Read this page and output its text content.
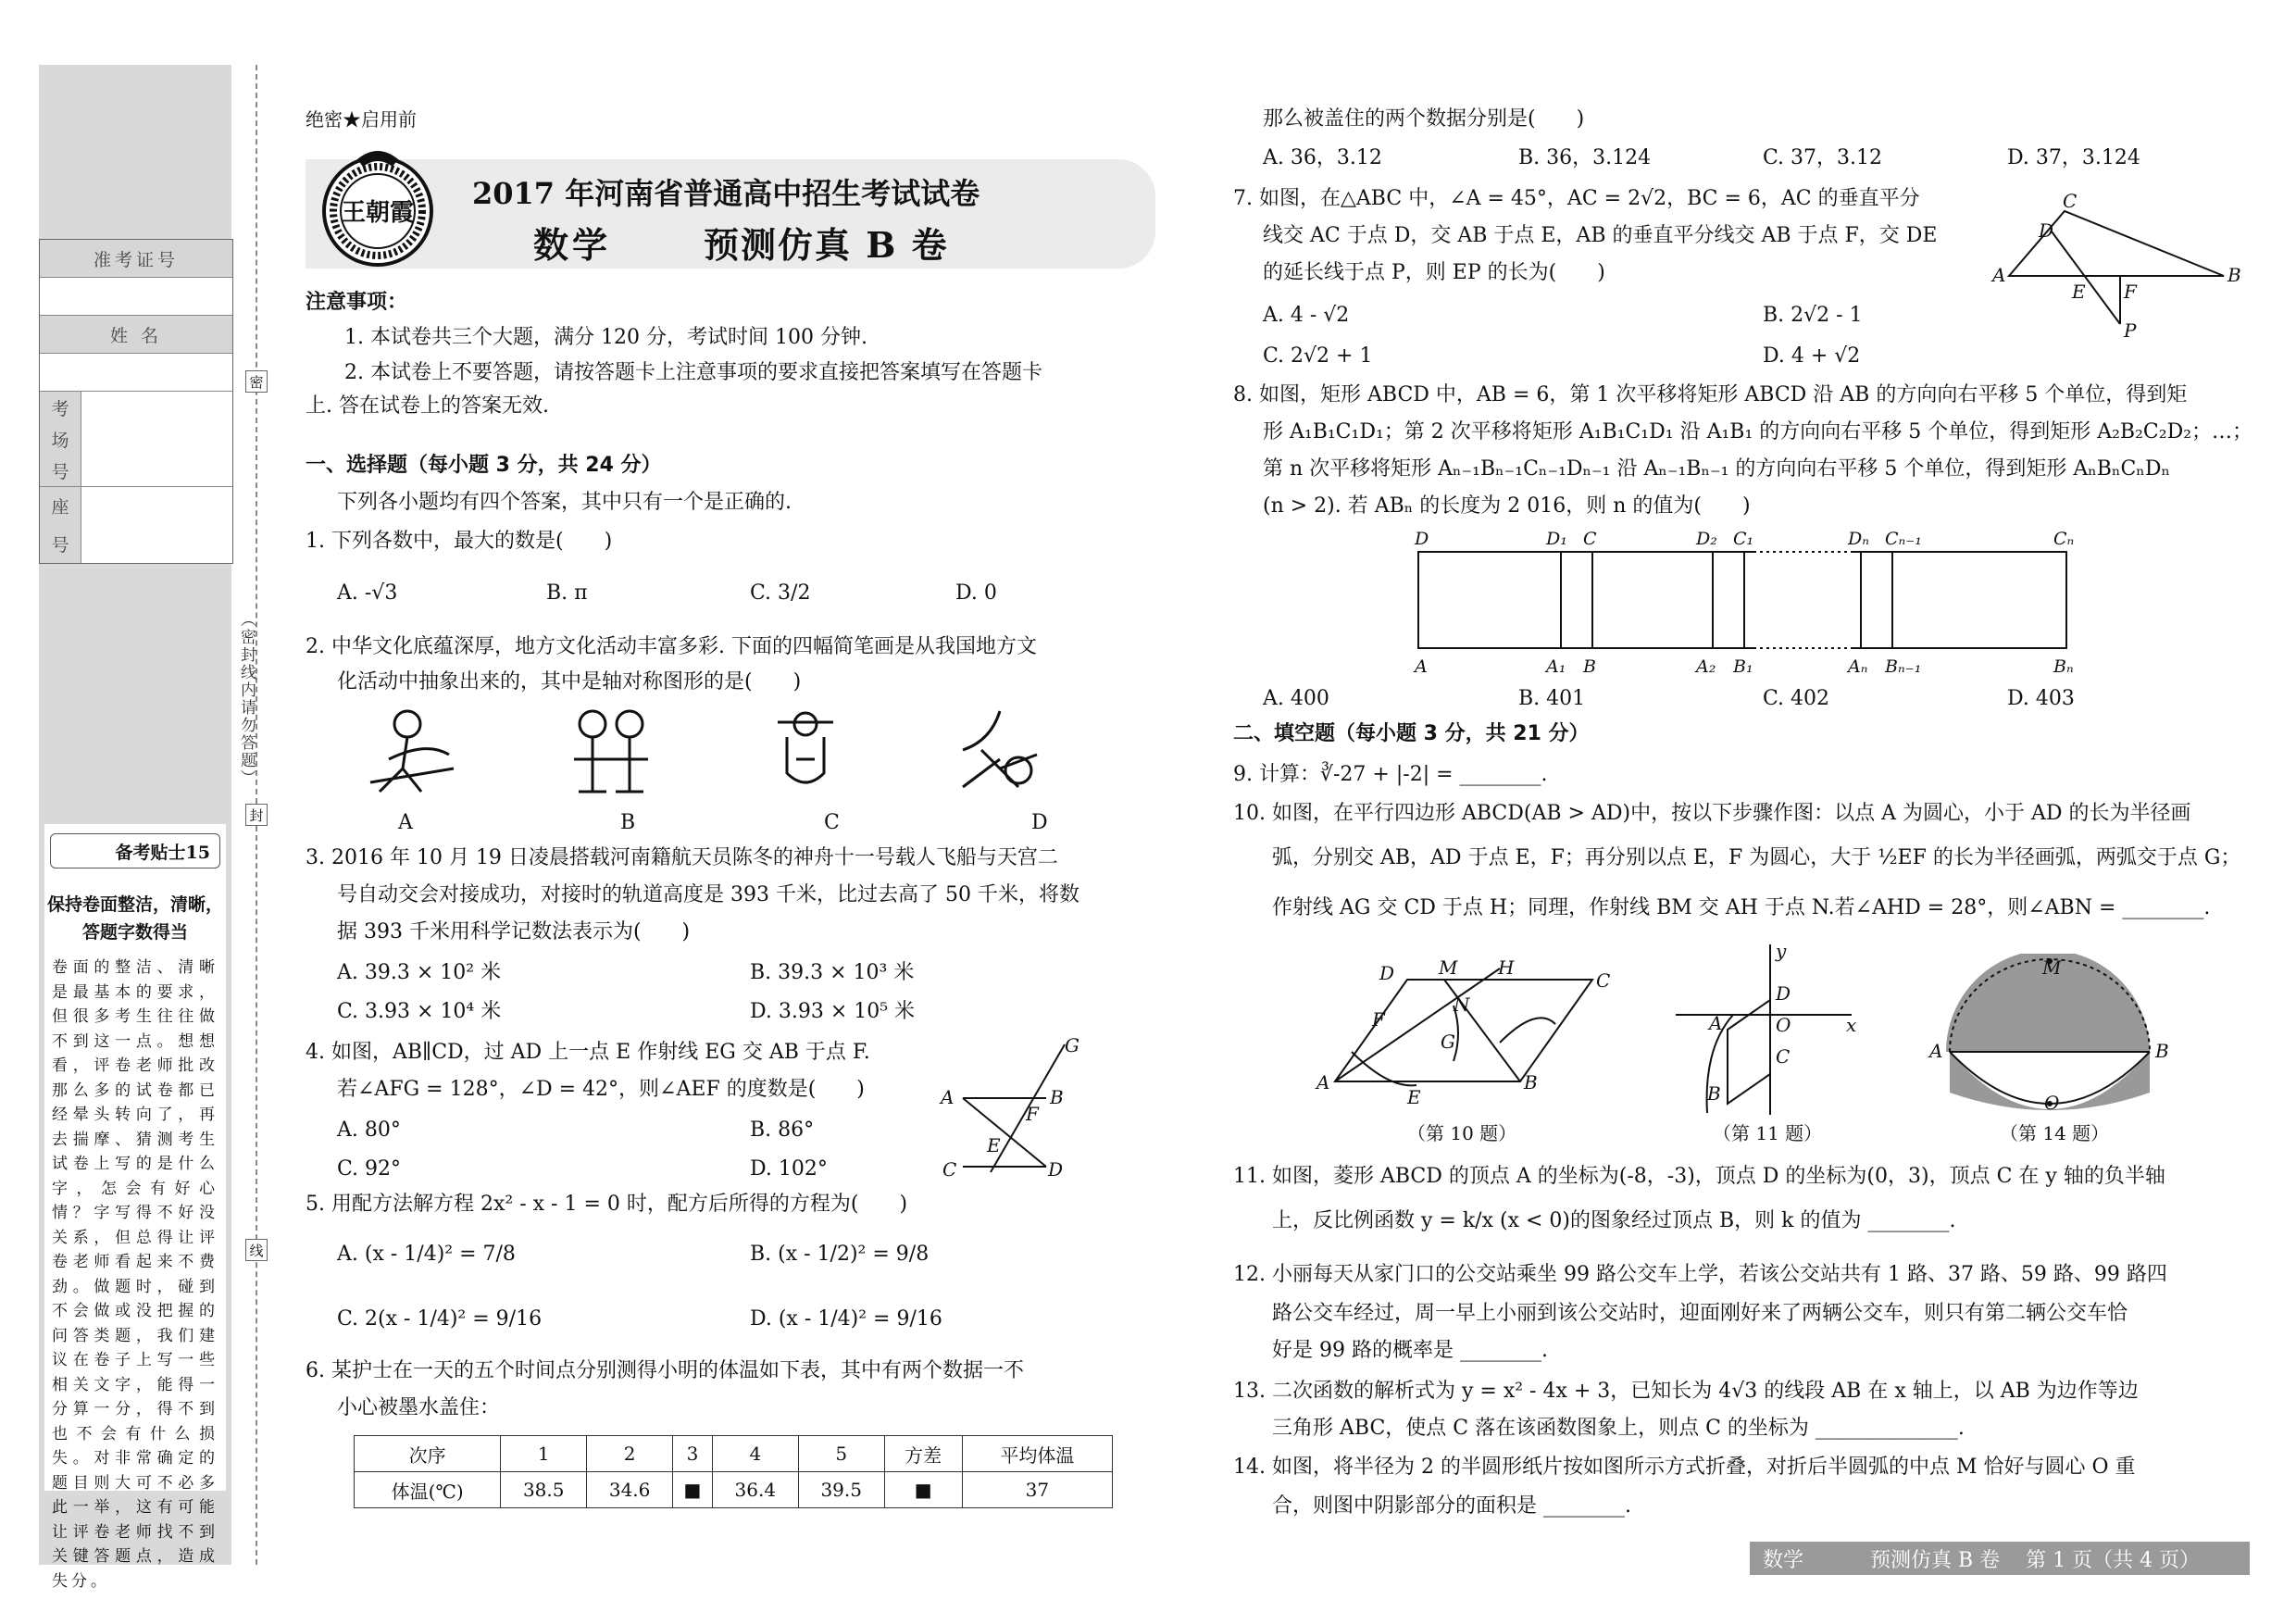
准考证号
姓 名
考
场
号
座
号
密
（密封线内请勿答题）
封
线
备考贴士15
保持卷面整洁，清晰，答题字数得当
卷面的整洁、清晰是最基本的要求，但很多考生往往做不到这一点。想想看，评卷老师批改那么多的试卷都已经晕头转向了，再去揣摩、猜测考生试卷上写的是什么字，怎会有好心情？字写得不好没关系，但总得让评卷老师看起来不费劲。做题时，碰到不会做或没把握的问答类题，我们建议在卷子上写一些相关文字，能得一分算一分，得不到也不会有什么损失。对非常确定的题目则大可不必多此一举，这有可能让评卷老师找不到关键答题点，造成失分。
绝密★启用前
王朝霞
2017 年河南省普通高中招生考试试卷
数学	预测仿真 B 卷
注意事项：
1. 本试卷共三个大题，满分 120 分，考试时间 100 分钟.
2. 本试卷上不要答题，请按答题卡上注意事项的要求直接把答案填写在答题卡
上. 答在试卷上的答案无效.
一、选择题（每小题 3 分，共 24 分）
下列各小题均有四个答案，其中只有一个是正确的.
1. 下列各数中，最大的数是(　　)
A. -√3	B. π	C. 3/2	D. 0
2. 中华文化底蕴深厚，地方文化活动丰富多彩. 下面的四幅简笔画是从我国地方文
化活动中抽象出来的，其中是轴对称图形的是(　　)
A	B	C	D
3. 2016 年 10 月 19 日凌晨搭载河南籍航天员陈冬的神舟十一号载人飞船与天宫二
号自动交会对接成功，对接时的轨道高度是 393 千米，比过去高了 50 千米，将数
据 393 千米用科学记数法表示为(　　)
A. 39.3 × 10² 米	B. 39.3 × 10³ 米
C. 3.93 × 10⁴ 米	D. 3.93 × 10⁵ 米
4. 如图，AB∥CD，过 AD 上一点 E 作射线 EG 交 AB 于点 F.
若∠AFG = 128°，∠D = 42°，则∠AEF 的度数是(　　)
A. 80°	B. 86°
C. 92°	D. 102°
G
A	B
F
E
C	D
5. 用配方法解方程 2x² - x - 1 = 0 时，配方后所得的方程为(　　)
A. (x - 1/4)² = 7/8	B. (x - 1/2)² = 9/8
C. 2(x - 1/4)² = 9/16	D. (x - 1/4)² = 9/16
6. 某护士在一天的五个时间点分别测得小明的体温如下表，其中有两个数据一不
小心被墨水盖住：
次序	1	2	3	4	5	方差	平均体温
体温(℃)	38.5	34.6	■	36.4	39.5	■	37
那么被盖住的两个数据分别是(　　)
A. 36，3.12	B. 36，3.124	C. 37，3.12	D. 37，3.124
7. 如图，在△ABC 中，∠A = 45°，AC = 2√2，BC = 6，AC 的垂直平分
线交 AC 于点 D，交 AB 于点 E，AB 的垂直平分线交 AB 于点 F，交 DE
的延长线于点 P，则 EP 的长为(　　)
A. 4 - √2	B. 2√2 - 1
C. 2√2 + 1	D. 4 + √2
C
D
A
E F
B
P
8. 如图，矩形 ABCD 中，AB = 6，第 1 次平移将矩形 ABCD 沿 AB 的方向向右平移 5 个单位，得到矩
形 A₁B₁C₁D₁；第 2 次平移将矩形 A₁B₁C₁D₁ 沿 A₁B₁ 的方向向右平移 5 个单位，得到矩形 A₂B₂C₂D₂；…；
第 n 次平移将矩形 Aₙ₋₁Bₙ₋₁Cₙ₋₁Dₙ₋₁ 沿 Aₙ₋₁Bₙ₋₁ 的方向向右平移 5 个单位，得到矩形 AₙBₙCₙDₙ
(n > 2). 若 ABₙ 的长度为 2 016，则 n 的值为(　　)
D	D₁ C	D₂ C₁	Dₙ Cₙ₋₁	Cₙ
A	A₁ B	A₂ B₁	Aₙ Bₙ₋₁	Bₙ
A. 400	B. 401	C. 402	D. 403
二、填空题（每小题 3 分，共 21 分）
9. 计算：∛-27 + |-2| = ________.
10. 如图，在平行四边形 ABCD(AB > AD)中，按以下步骤作图：以点 A 为圆心，小于 AD 的长为半径画
弧，分别交 AB，AD 于点 E，F；再分别以点 E，F 为圆心，大于 ½EF 的长为半径画弧，两弧交于点 G；
作射线 AG 交 CD 于点 H；同理，作射线 BM 交 AH 于点 N.若∠AHD = 28°，则∠ABN = ________.
D M H
C
F
N
G
A
E
B
（第 10 题）
y
D
A	O	x
C
B
（第 11 题）
M
A	B
O
（第 14 题）
11. 如图，菱形 ABCD 的顶点 A 的坐标为(-8，-3)，顶点 D 的坐标为(0，3)，顶点 C 在 y 轴的负半轴
上，反比例函数 y = k/x (x < 0)的图象经过顶点 B，则 k 的值为 ________.
12. 小丽每天从家门口的公交站乘坐 99 路公交车上学，若该公交站共有 1 路、37 路、59 路、99 路四
路公交车经过，周一早上小丽到该公交站时，迎面刚好来了两辆公交车，则只有第二辆公交车恰
好是 99 路的概率是 ________.
13. 二次函数的解析式为 y = x² - 4x + 3，已知长为 4√3 的线段 AB 在 x 轴上，以 AB 为边作等边
三角形 ABC，使点 C 落在该函数图象上，则点 C 的坐标为 ______________.
14. 如图，将半径为 2 的半圆形纸片按如图所示方式折叠，对折后半圆弧的中点 M 恰好与圆心 O 重
合，则图中阴影部分的面积是 ________.
数学	预测仿真 B 卷 第 1 页（共 4 页）
